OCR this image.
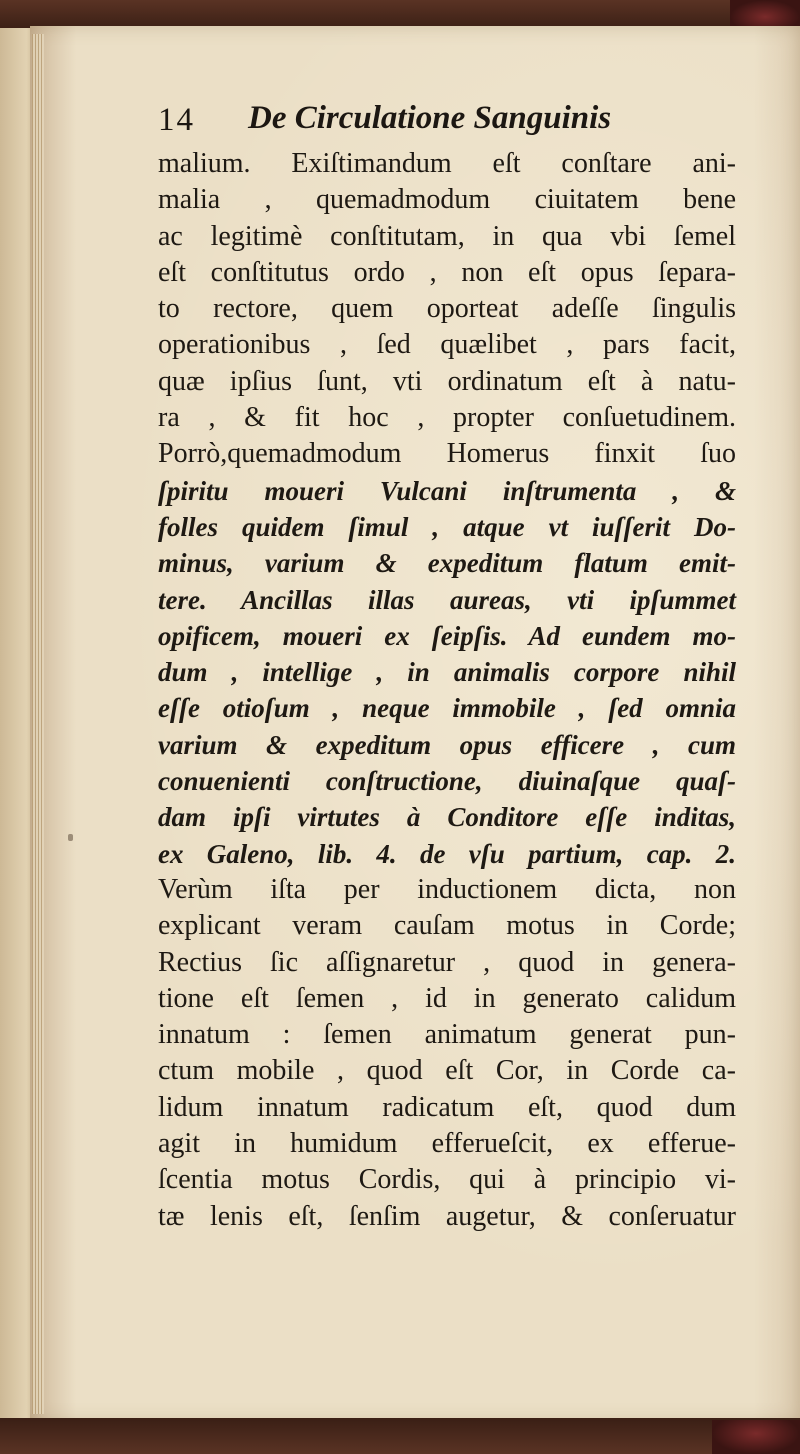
14 De Circulatione Sanguinis
malium. Exiſtimandum eſt conſtare ani-
malia , quemadmodum ciuitatem bene
ac legitimè conſtitutam, in qua vbi ſemel
eſt conſtitutus ordo , non eſt opus ſepara-
to rectore, quem oporteat adeſſe ſingulis
operationibus , ſed quælibet , pars facit,
quæ ipſius ſunt, vti ordinatum eſt à natu-
ra , & fit hoc , propter conſuetudinem.
Porrò,quemadmodum Homerus finxit ſuo
ſpiritu moueri Vulcani inſtrumenta , &
folles quidem ſimul , atque vt iuſſerit Do-
minus, varium & expeditum flatum emit-
tere. Ancillas illas aureas, vti ipſummet
opificem, moueri ex ſeipſis. Ad eundem mo-
dum , intellige , in animalis corpore nihil
eſſe otioſum , neque immobile , ſed omnia
varium & expeditum opus efficere , cum
conuenienti conſtructione, diuinaſque quaſ-
dam ipſi virtutes à Conditore eſſe inditas,
ex Galeno, lib. 4. de vſu partium, cap. 2.
Verùm iſta per inductionem dicta, non
explicant veram cauſam motus in Corde;
Rectius ſic aſſignaretur , quod in genera-
tione eſt ſemen , id in generato calidum
innatum : ſemen animatum generat pun-
ctum mobile , quod eſt Cor, in Corde ca-
lidum innatum radicatum eſt, quod dum
agit in humidum efferueſcit, ex efferue-
ſcentia motus Cordis, qui à principio vi-
tæ lenis eſt, ſenſim augetur, & conſeruatur
